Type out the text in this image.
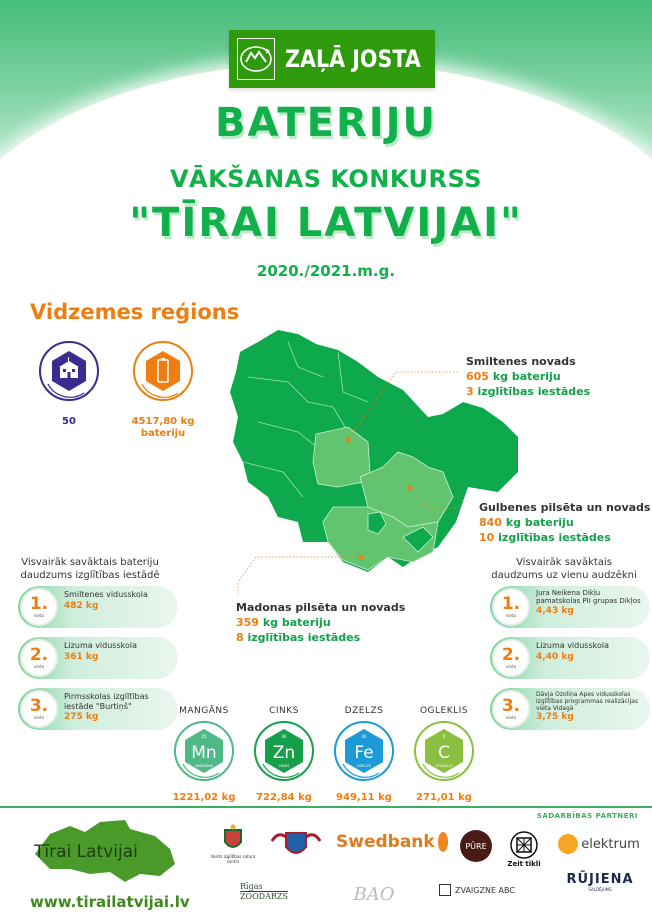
ZAĻĀ JOSTA
BATERIJU
VĀKŠANAS KONKURSS
"TĪRAI LATVIJAI"
2020./2021.m.g.
Vidzemes reģions
50	4517,80 kg
bateriju
Smiltenes novads
605 kg bateriju
3 izglītības iestādes
Gulbenes pilsēta un novads
840 kg bateriju
10 izglītības iestādes
Madonas pilsēta un novads
359 kg bateriju
8 izglītības iestādes
Visvairāk savāktais bateriju
daudzums izglītības iestādē
1.
vieta
Smiltenes vidusskola
482 kg
2.
vieta
Lizuma vidusskola
361 kg
3.
vieta
Pirmsskolas izglītības iestāde "Burtiņš"
275 kg
Visvairāk savāktais
daudzums uz vienu audzēkni
1.
vieta
Jura Neikena Dikļu pamatskolas PII grupas Dikļos
4,43 kg
2.
vieta
Lizuma vidusskola
4,40 kg
3.
vieta
Dāvja Ozoliņa Apes vidusskolas izglītības programmas realizācijas vieta Vidagā
3,75 kg
MANGĀNS
Mn
25
MANGĀNS
1221,02 kg
CINKS
Zn
30
CINKS
722,84 kg
DZELZS
Fe
26
DZELZS
949,11 kg
OGLEKLIS
C
6
OGLEKLIS
271,01 kg
SADARBĪBAS PARTNERI
Tīrai Latvijai
www.tirailatvijai.lv
Valsts izglītības satura centrs
Swedbank	PŪRE
Zeit tikli
elektrum
Rīgas
ZOODĀRZS	BAO	ZVAIGZNE ABC
RŪJIENA
SALDĒJUMS
